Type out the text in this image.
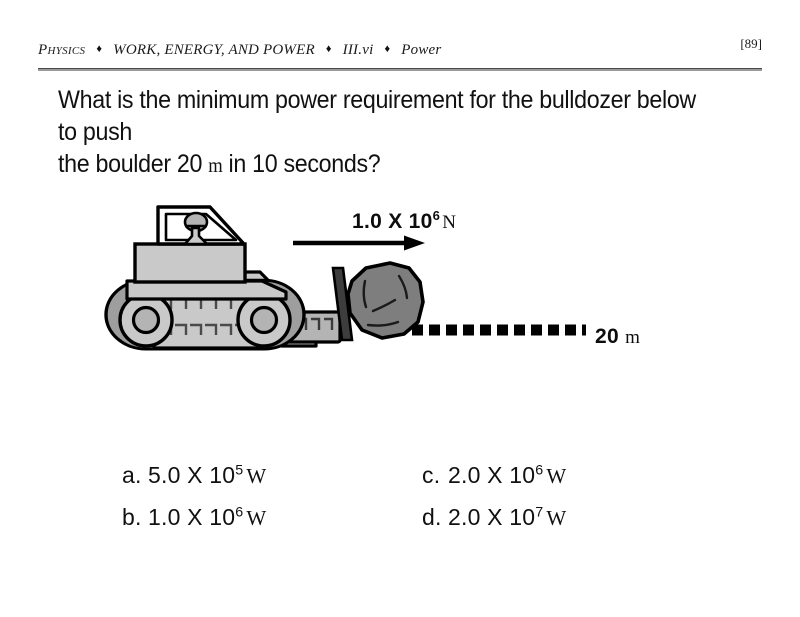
Physics ♦ WORK, ENERGY, AND POWER ♦ III.vi ♦ Power	[89]
What is the minimum power requirement for the bulldozer below to push
the boulder 20 m in 10 seconds?
1.0 X $10^6$ N
20 m
a. 5.0 X $10^5$ W
b. 1.0 X $10^6$ W
c. 2.0 X $10^6$ W
d. 2.0 X $10^7$ W
